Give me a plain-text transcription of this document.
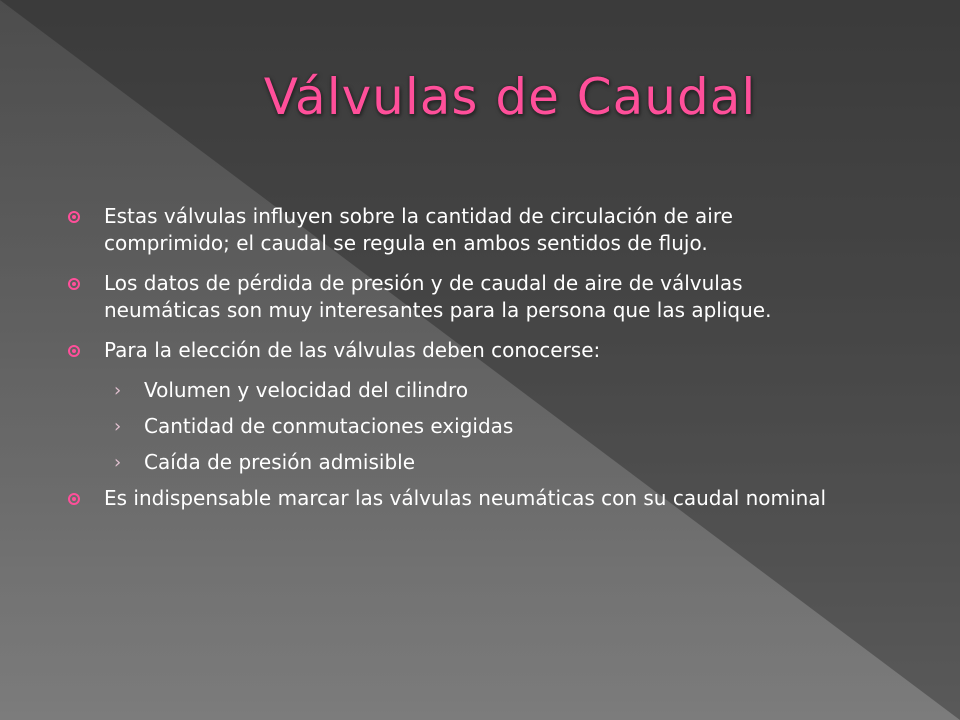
Válvulas de Caudal
Estas válvulas influyen sobre la cantidad de circulación de aire comprimido; el caudal se regula en ambos sentidos de flujo.
Los datos de pérdida de presión y de caudal de aire de válvulas neumáticas son muy interesantes para la persona que las aplique.
Para la elección de las válvulas deben conocerse:
› Volumen y velocidad del cilindro
› Cantidad de conmutaciones exigidas
› Caída de presión admisible
Es indispensable marcar las válvulas neumáticas con su caudal nominal
